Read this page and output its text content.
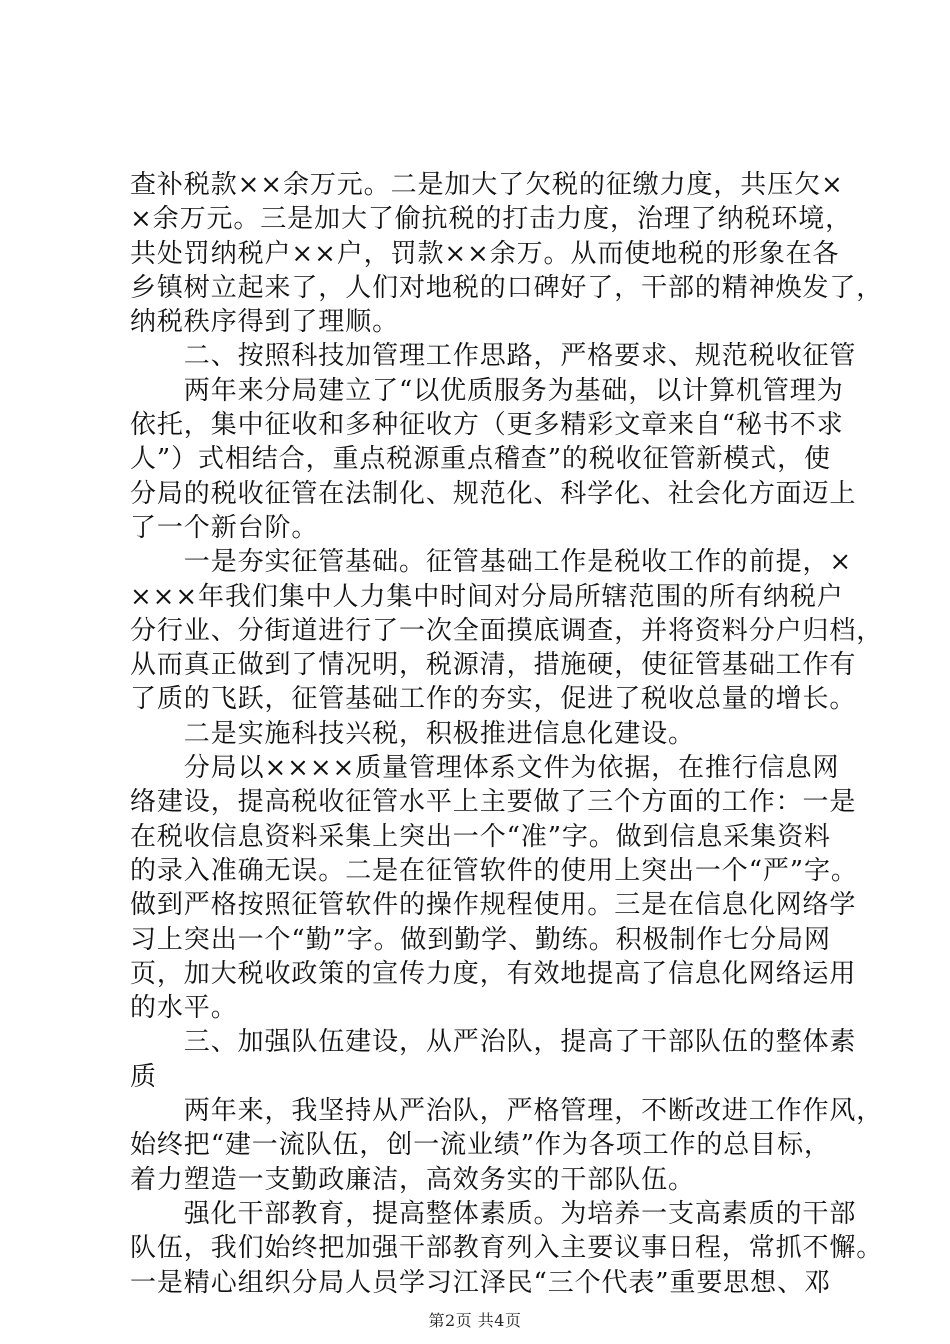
查补税款××余万元。二是加大了欠税的征缴力度，共压欠×
×余万元。三是加大了偷抗税的打击力度，治理了纳税环境，
共处罚纳税户××户，罚款××余万。从而使地税的形象在各
乡镇树立起来了，人们对地税的口碑好了，干部的精神焕发了，
纳税秩序得到了理顺。
　　二、按照科技加管理工作思路，严格要求、规范税收征管
　　两年来分局建立了“以优质服务为基础，以计算机管理为
依托，集中征收和多种征收方（更多精彩文章来自“秘书不求
人”）式相结合，重点税源重点稽查”的税收征管新模式，使
分局的税收征管在法制化、规范化、科学化、社会化方面迈上
了一个新台阶。
　　一是夯实征管基础。征管基础工作是税收工作的前提，×
×××年我们集中人力集中时间对分局所辖范围的所有纳税户
分行业、分街道进行了一次全面摸底调查，并将资料分户归档，
从而真正做到了情况明，税源清，措施硬，使征管基础工作有
了质的飞跃，征管基础工作的夯实，促进了税收总量的增长。
　　二是实施科技兴税，积极推进信息化建设。
　　分局以××××质量管理体系文件为依据，在推行信息网
络建设，提高税收征管水平上主要做了三个方面的工作：一是
在税收信息资料采集上突出一个“准”字。做到信息采集资料
的录入准确无误。二是在征管软件的使用上突出一个“严”字。
做到严格按照征管软件的操作规程使用。三是在信息化网络学
习上突出一个“勤”字。做到勤学、勤练。积极制作七分局网
页，加大税收政策的宣传力度，有效地提高了信息化网络运用
的水平。
　　三、加强队伍建设，从严治队，提高了干部队伍的整体素
质
　　两年来，我坚持从严治队，严格管理，不断改进工作作风，
始终把“建一流队伍，创一流业绩”作为各项工作的总目标，
着力塑造一支勤政廉洁，高效务实的干部队伍。
　　强化干部教育，提高整体素质。为培养一支高素质的干部
队伍，我们始终把加强干部教育列入主要议事日程，常抓不懈。
一是精心组织分局人员学习江泽民“三个代表”重要思想、邓
第2页 共4页
